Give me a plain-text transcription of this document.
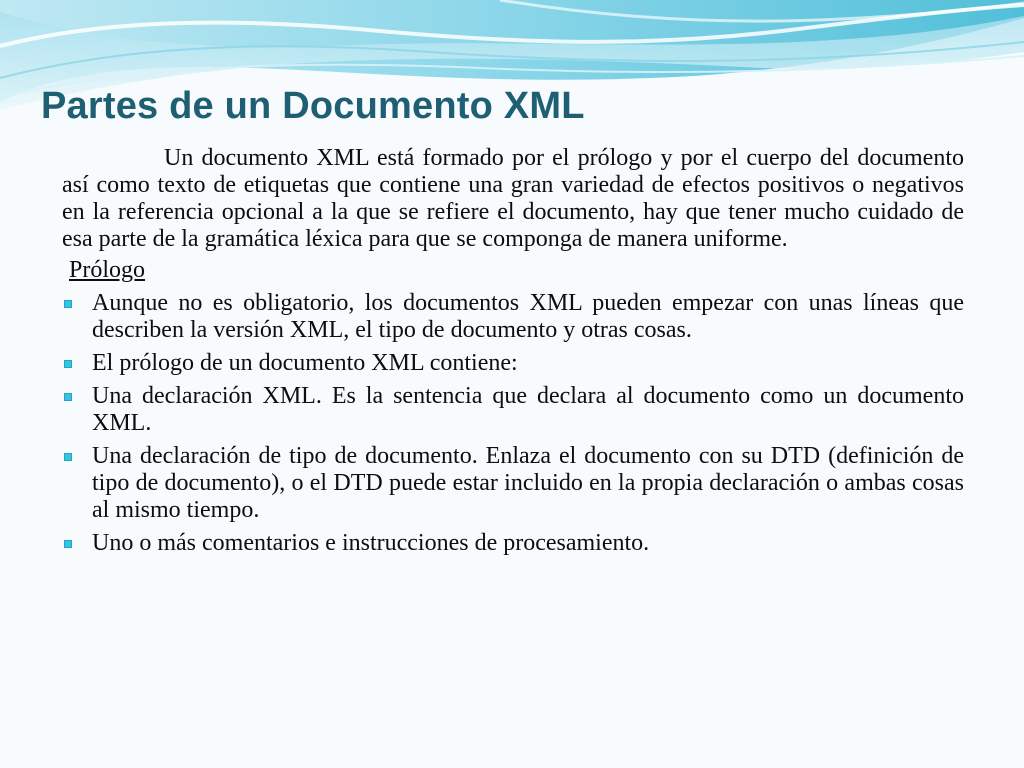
Partes de un Documento XML

Un documento XML está formado por el prólogo y por el cuerpo del documento así como texto de etiquetas que contiene una gran variedad de efectos positivos o negativos en la referencia opcional a la que se refiere el documento, hay que tener mucho cuidado de esa parte de la gramática léxica para que se componga de manera uniforme.

Prólogo
Aunque no es obligatorio, los documentos XML pueden empezar con unas líneas que describen la versión XML, el tipo de documento y otras cosas.
El prólogo de un documento XML contiene:
Una declaración XML. Es la sentencia que declara al documento como un documento XML.
Una declaración de tipo de documento. Enlaza el documento con su DTD (definición de tipo de documento), o el DTD puede estar incluido en la propia declaración o ambas cosas al mismo tiempo.
Uno o más comentarios e instrucciones de procesamiento.
